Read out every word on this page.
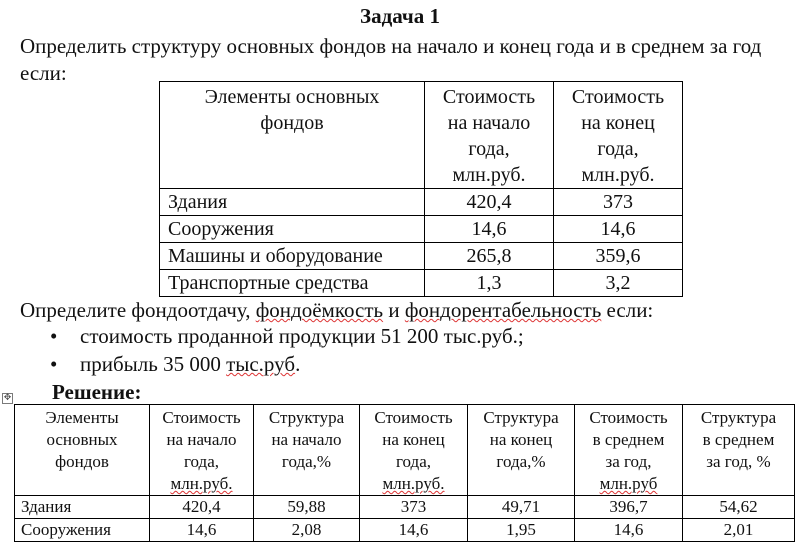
Задача 1
Определить структуру основных фондов на начало и конец года и в среднем за год если:
Элементы основных
фондов	Стоимость
на начало
года,
млн.руб.	Стоимость
на конец
года,
млн.руб.
Здания	420,4	373
Сооружения	14,6	14,6
Машины и оборудование	265,8	359,6
Транспортные средства	1,3	3,2
Определите фондоотдачу, фондоёмкость и фондорентабельность если:
• стоимость проданной продукции 51 200 тыс.руб.;
• прибыль 35 000 тыс.руб.
Решение:
✥
Элементы
основных
фондов	Стоимость
на начало
года,
млн.руб.	Структура
на начало
года,%	Стоимость
на конец
года,
млн.руб.	Структура
на конец
года,%	Стоимость
в среднем
за год,
млн.руб	Структура
в среднем
за год, %
Здания	420,4	59,88	373	49,71	396,7	54,62
Сооружения	14,6	2,08	14,6	1,95	14,6	2,01
